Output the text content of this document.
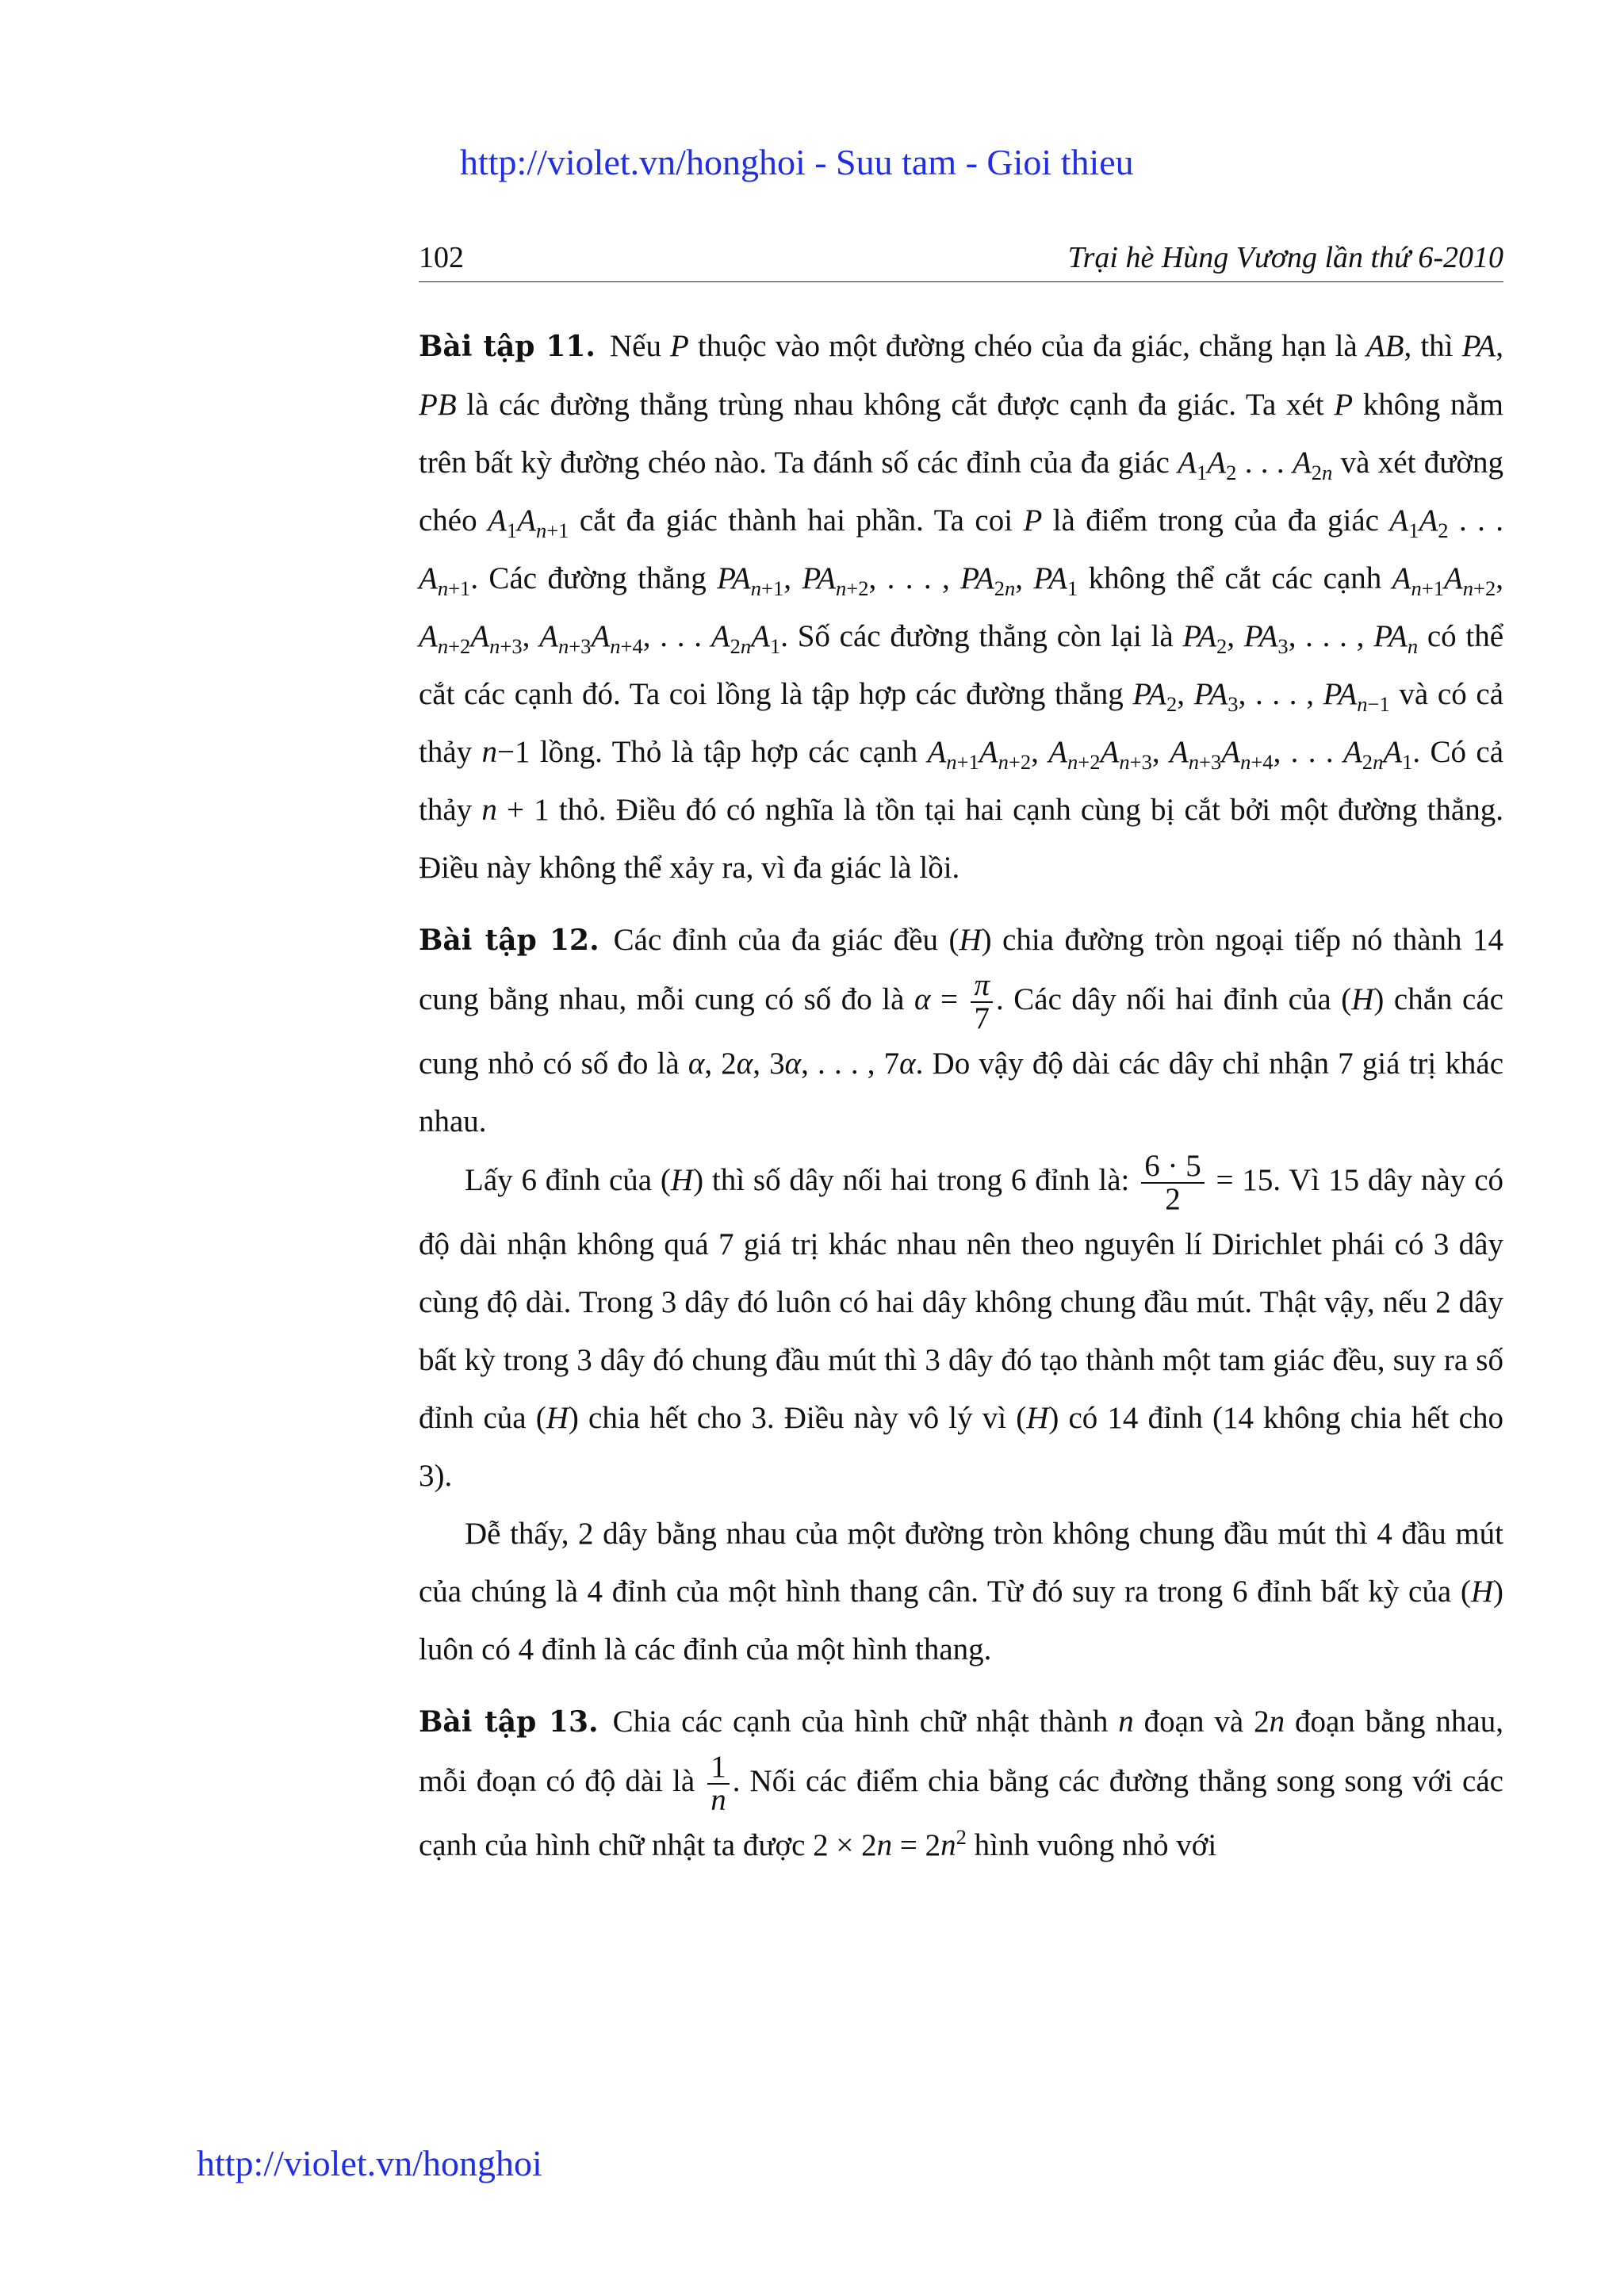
http://violet.vn/honghoi - Suu tam - Gioi thieu
102	Trại hè Hùng Vương lần thứ 6-2010

Bài tập 11. Nếu P thuộc vào một đường chéo của đa giác, chẳng hạn là AB, thì PA, PB là các đường thẳng trùng nhau không cắt được cạnh đa giác. Ta xét P không nằm trên bất kỳ đường chéo nào. Ta đánh số các đỉnh của đa giác $A_1A_2$ . . . $A_{2n}$ và xét đường chéo $A_1A_{n+1}$ cắt đa giác thành hai phần. Ta coi P là điểm trong của đa giác $A_1A_2$ . . . $A_{n+1}$. Các đường thẳng $PA_{n+1}$, $PA_{n+2}$, . . . , $PA_{2n}$, $PA_1$ không thể cắt các cạnh $A_{n+1}A_{n+2}$, $A_{n+2}A_{n+3}$, $A_{n+3}A_{n+4}$, . . . $A_{2n}A_1$. Số các đường thẳng còn lại là $PA_2$, $PA_3$, . . . , $PA_n$ có thể cắt các cạnh đó. Ta coi lồng là tập hợp các đường thẳng $PA_2$, $PA_3$, . . . , $PA_{n-1}$ và có cả thảy n−1 lồng. Thỏ là tập hợp các cạnh $A_{n+1}A_{n+2}$, $A_{n+2}A_{n+3}$, $A_{n+3}A_{n+4}$, . . . $A_{2n}A_1$. Có cả thảy n + 1 thỏ. Điều đó có nghĩa là tồn tại hai cạnh cùng bị cắt bởi một đường thẳng. Điều này không thể xảy ra, vì đa giác là lồi.

Bài tập 12. Các đỉnh của đa giác đều (H) chia đường tròn ngoại tiếp nó thành 14 cung bằng nhau, mỗi cung có số đo là $\alpha = \frac{\pi}{7}$ . Các dây nối hai đỉnh của (H) chắn các cung nhỏ có số đo là α, 2α, 3α, . . . , 7α. Do vậy độ dài các dây chỉ nhận 7 giá trị khác nhau.

Lấy 6 đỉnh của (H) thì số dây nối hai trong 6 đỉnh là: $\frac{6 \cdot 5}{2} = 15$. Vì 15 dây này có độ dài nhận không quá 7 giá trị khác nhau nên theo nguyên lí Dirichlet phái có 3 dây cùng độ dài. Trong 3 dây đó luôn có hai dây không chung đầu mút. Thật vậy, nếu 2 dây bất kỳ trong 3 dây đó chung đầu mút thì 3 dây đó tạo thành một tam giác đều, suy ra số đỉnh của (H) chia hết cho 3. Điều này vô lý vì (H) có 14 đỉnh (14 không chia hết cho 3).

Dễ thấy, 2 dây bằng nhau của một đường tròn không chung đầu mút thì 4 đầu mút của chúng là 4 đỉnh của một hình thang cân. Từ đó suy ra trong 6 đỉnh bất kỳ của (H) luôn có 4 đỉnh là các đỉnh của một hình thang.

Bài tập 13. Chia các cạnh của hình chữ nhật thành n đoạn và 2n đoạn bằng nhau, mỗi đoạn có độ dài là $\frac{1}{n}$ . Nối các điểm chia bằng các đường thẳng song song với các cạnh của hình chữ nhật ta được $2 \times 2n = 2n^2$ hình vuông nhỏ với

http://violet.vn/honghoi
